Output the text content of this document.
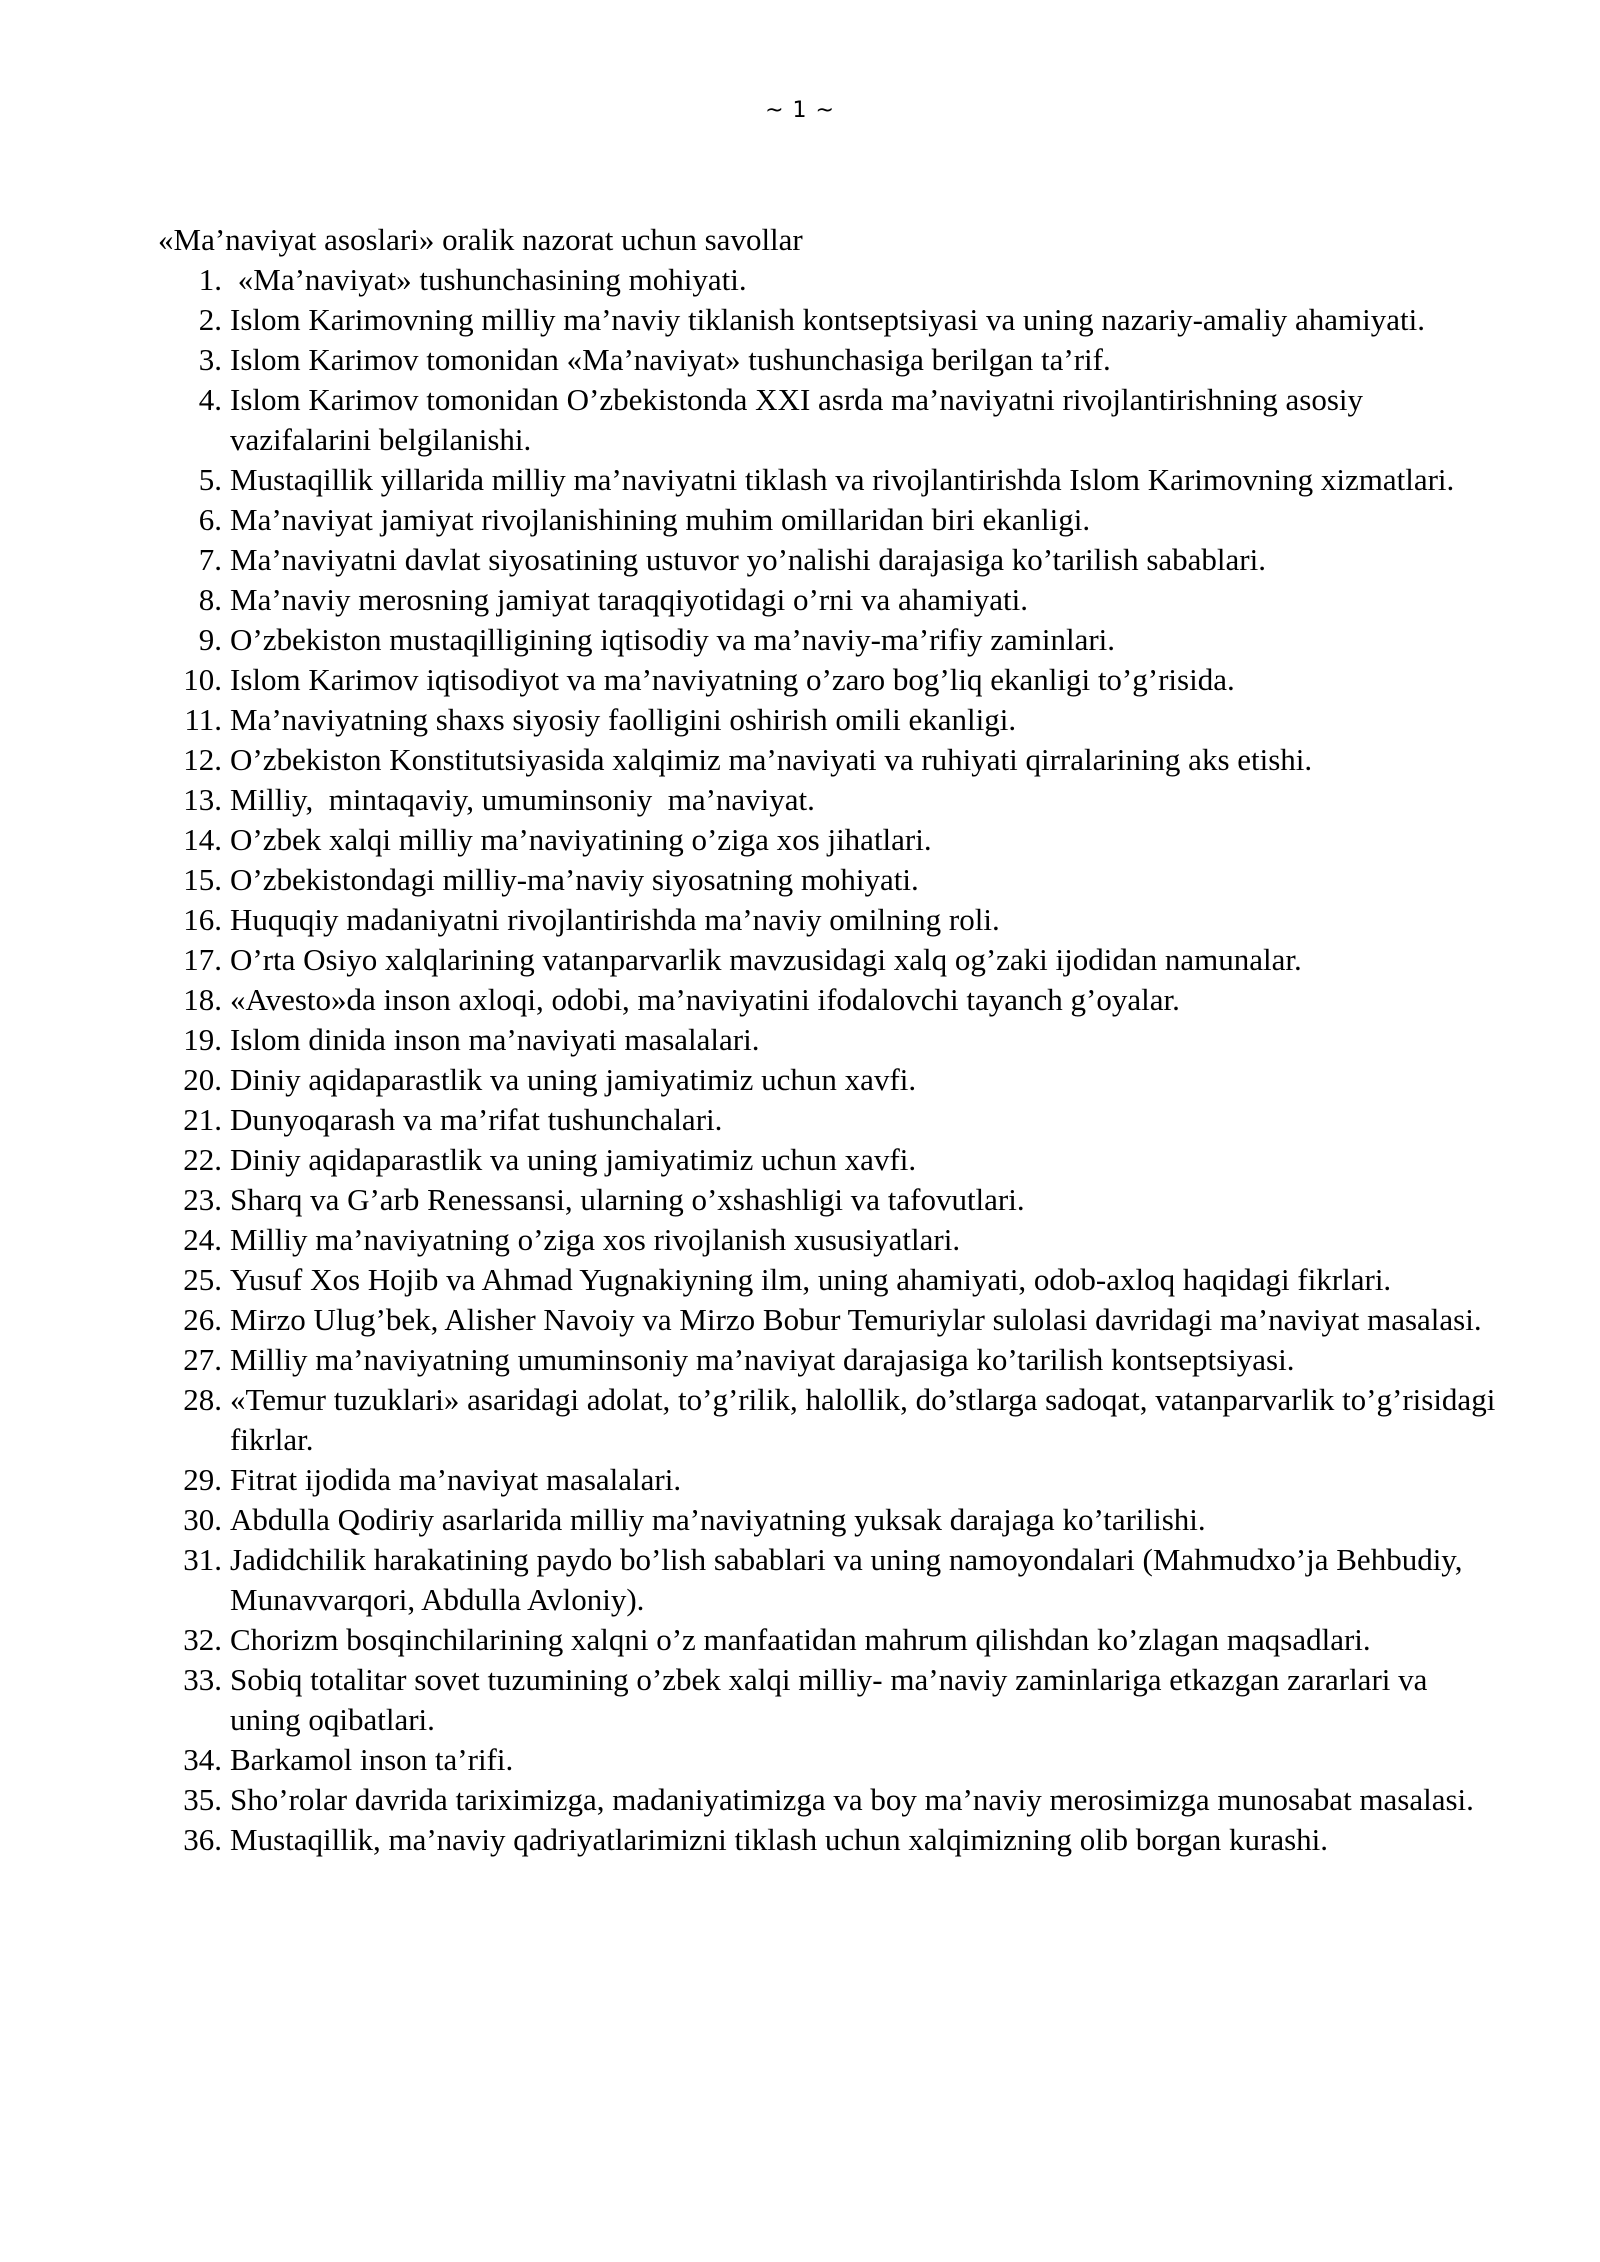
~ 1 ~
«Ma’naviyat asoslari» oralik nazorat uchun savollar
1. «Ma’naviyat» tushunchasining mohiyati.
2. Islom Karimovning milliy ma’naviy tiklanish kontseptsiyasi va uning nazariy-amaliy ahamiyati.
3. Islom Karimov tomonidan «Ma’naviyat» tushunchasiga berilgan ta’rif.
4. Islom Karimov tomonidan O’zbekistonda XXI asrda ma’naviyatni rivojlantirishning asosiy vazifalarini belgilanishi.
5. Mustaqillik yillarida milliy ma’naviyatni tiklash va rivojlantirishda Islom Karimovning xizmatlari.
6. Ma’naviyat jamiyat rivojlanishining muhim omillaridan biri ekanligi.
7. Ma’naviyatni davlat siyosatining ustuvor yo’nalishi darajasiga ko’tarilish sabablari.
8. Ma’naviy merosning jamiyat taraqqiyotidagi o’rni va ahamiyati.
9. O’zbekiston mustaqilligining iqtisodiy va ma’naviy-ma’rifiy zaminlari.
10. Islom Karimov iqtisodiyot va ma’naviyatning o’zaro bog’liq ekanligi to’g’risida.
11. Ma’naviyatning shaxs siyosiy faolligini oshirish omili ekanligi.
12. O’zbekiston Konstitutsiyasida xalqimiz ma’naviyati va ruhiyati qirralarining aks etishi.
13. Milliy,  mintaqaviy, umuminsoniy  ma’naviyat.
14. O’zbek xalqi milliy ma’naviyatining o’ziga xos jihatlari.
15. O’zbekistondagi milliy-ma’naviy siyosatning mohiyati.
16. Huquqiy madaniyatni rivojlantirishda ma’naviy omilning roli.
17. O’rta Osiyo xalqlarining vatanparvarlik mavzusidagi xalq og’zaki ijodidan namunalar.
18. «Avesto»da inson axloqi, odobi, ma’naviyatini ifodalovchi tayanch g’oyalar.
19. Islom dinida inson ma’naviyati masalalari.
20. Diniy aqidaparastlik va uning jamiyatimiz uchun xavfi.
21. Dunyoqarash va ma’rifat tushunchalari.
22. Diniy aqidaparastlik va uning jamiyatimiz uchun xavfi.
23. Sharq va G’arb Renessansi, ularning o’xshashligi va tafovutlari.
24. Milliy ma’naviyatning o’ziga xos rivojlanish xususiyatlari.
25. Yusuf Xos Hojib va Ahmad Yugnakiyning ilm, uning ahamiyati, odob-axloq haqidagi fikrlari.
26. Mirzo Ulug’bek, Alisher Navoiy va Mirzo Bobur Temuriylar sulolasi davridagi ma’naviyat masalasi.
27. Milliy ma’naviyatning umuminsoniy ma’naviyat darajasiga ko’tarilish kontseptsiyasi.
28. «Temur tuzuklari» asaridagi adolat, to’g’rilik, halollik, do’stlarga sadoqat, vatanparvarlik to’g’risidagi fikrlar.
29. Fitrat ijodida ma’naviyat masalalari.
30. Abdulla Qodiriy asarlarida milliy ma’naviyatning yuksak darajaga ko’tarilishi.
31. Jadidchilik harakatining paydo bo’lish sabablari va uning namoyondalari (Mahmudxo’ja Behbudiy, Munavvarqori, Abdulla Avloniy).
32. Chorizm bosqinchilarining xalqni o’z manfaatidan mahrum qilishdan ko’zlagan maqsadlari.
33. Sobiq totalitar sovet tuzumining o’zbek xalqi milliy- ma’naviy zaminlariga etkazgan zararlari va uning oqibatlari.
34. Barkamol inson ta’rifi.
35. Sho’rolar davrida tariximizga, madaniyatimizga va boy ma’naviy merosimizga munosabat masalasi.
36. Mustaqillik, ma’naviy qadriyatlarimizni tiklash uchun xalqimizning olib borgan kurashi.
